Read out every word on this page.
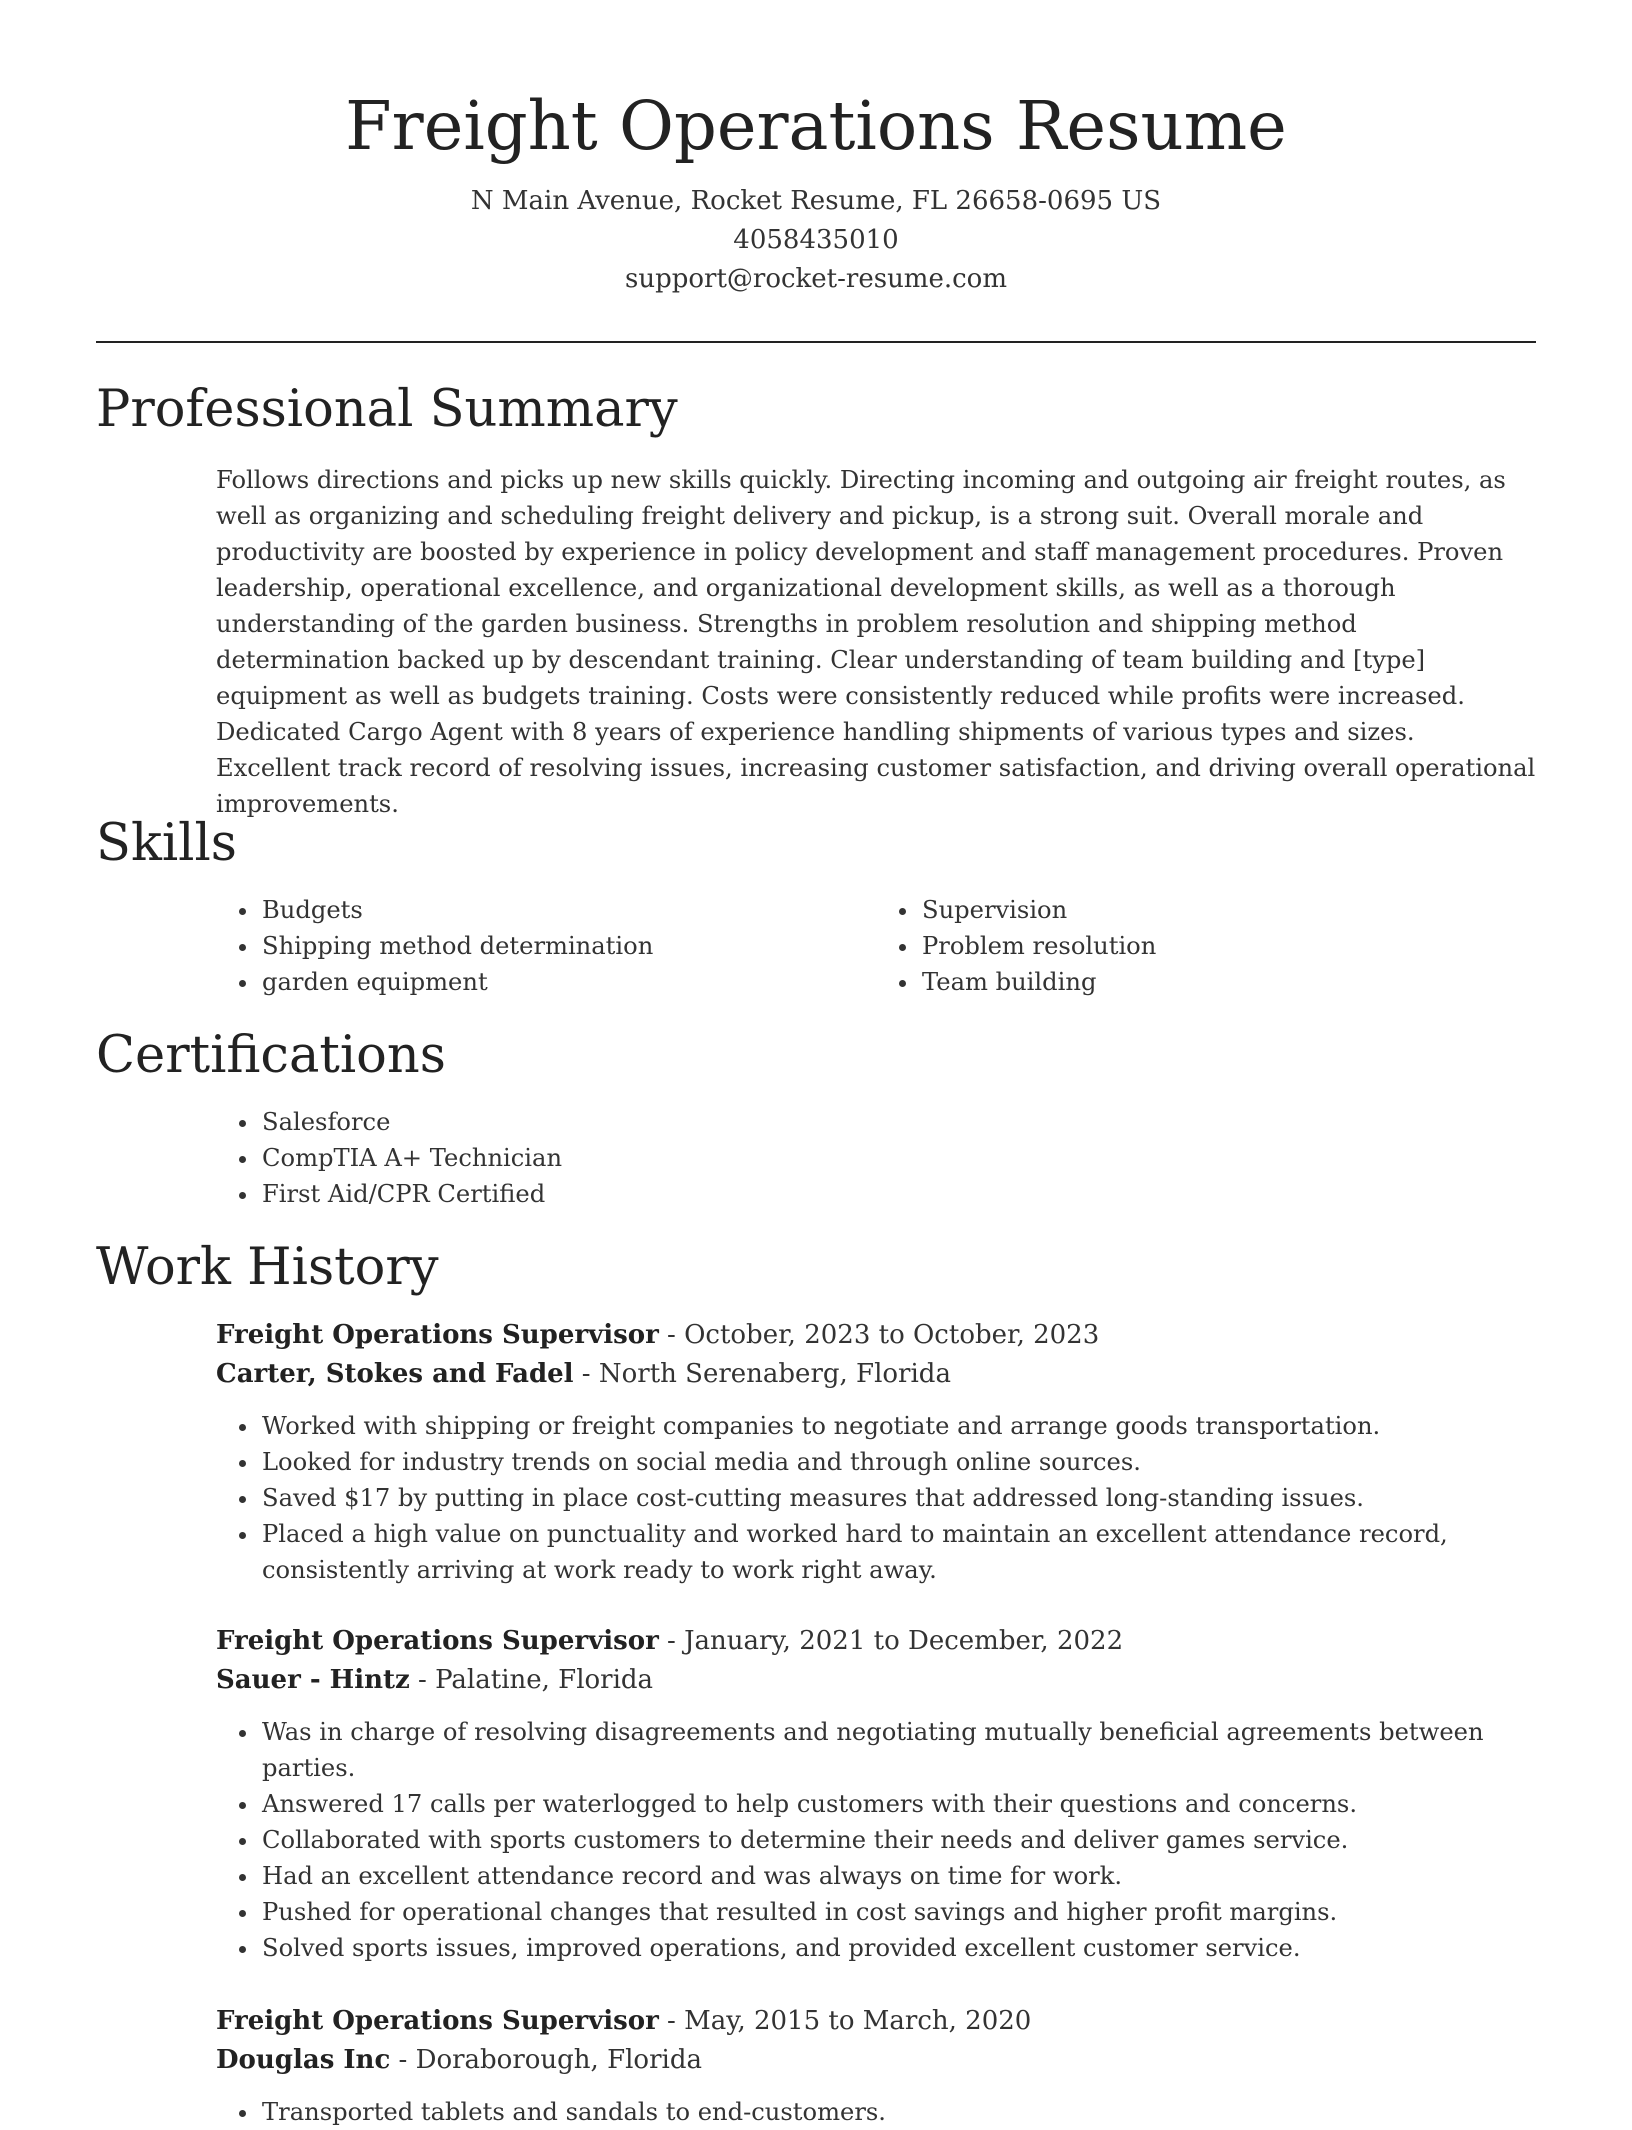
Freight Operations Resume
N Main Avenue, Rocket Resume, FL 26658-0695 US
4058435010
support@rocket-resume.com
Professional Summary

Follows directions and picks up new skills quickly. Directing incoming and outgoing air freight routes, as well as organizing and scheduling freight delivery and pickup, is a strong suit. Overall morale and productivity are boosted by experience in policy development and staff management procedures. Proven leadership, operational excellence, and organizational development skills, as well as a thorough understanding of the garden business. Strengths in problem resolution and shipping method determination backed up by descendant training. Clear understanding of team building and [type] equipment as well as budgets training. Costs were consistently reduced while profits were increased. Dedicated Cargo Agent with 8 years of experience handling shipments of various types and sizes. Excellent track record of resolving issues, increasing customer satisfaction, and driving overall operational improvements.

Skills
• Budgets
• Shipping method determination
• garden equipment
• Supervision
• Problem resolution
• Team building
Certifications
• Salesforce
• CompTIA A+ Technician
• First Aid/CPR Certified
Work History
Freight Operations Supervisor - October, 2023 to October, 2023
Carter, Stokes and Fadel - North Serenaberg, Florida
• Worked with shipping or freight companies to negotiate and arrange goods transportation.
• Looked for industry trends on social media and through online sources.
• Saved $17 by putting in place cost-cutting measures that addressed long-standing issues.
• Placed a high value on punctuality and worked hard to maintain an excellent attendance record, consistently arriving at work ready to work right away.
Freight Operations Supervisor - January, 2021 to December, 2022
Sauer - Hintz - Palatine, Florida
• Was in charge of resolving disagreements and negotiating mutually beneficial agreements between parties.
• Answered 17 calls per waterlogged to help customers with their questions and concerns.
• Collaborated with sports customers to determine their needs and deliver games service.
• Had an excellent attendance record and was always on time for work.
• Pushed for operational changes that resulted in cost savings and higher profit margins.
• Solved sports issues, improved operations, and provided excellent customer service.
Freight Operations Supervisor - May, 2015 to March, 2020
Douglas Inc - Doraborough, Florida
• Transported tablets and sandals to end-customers.
